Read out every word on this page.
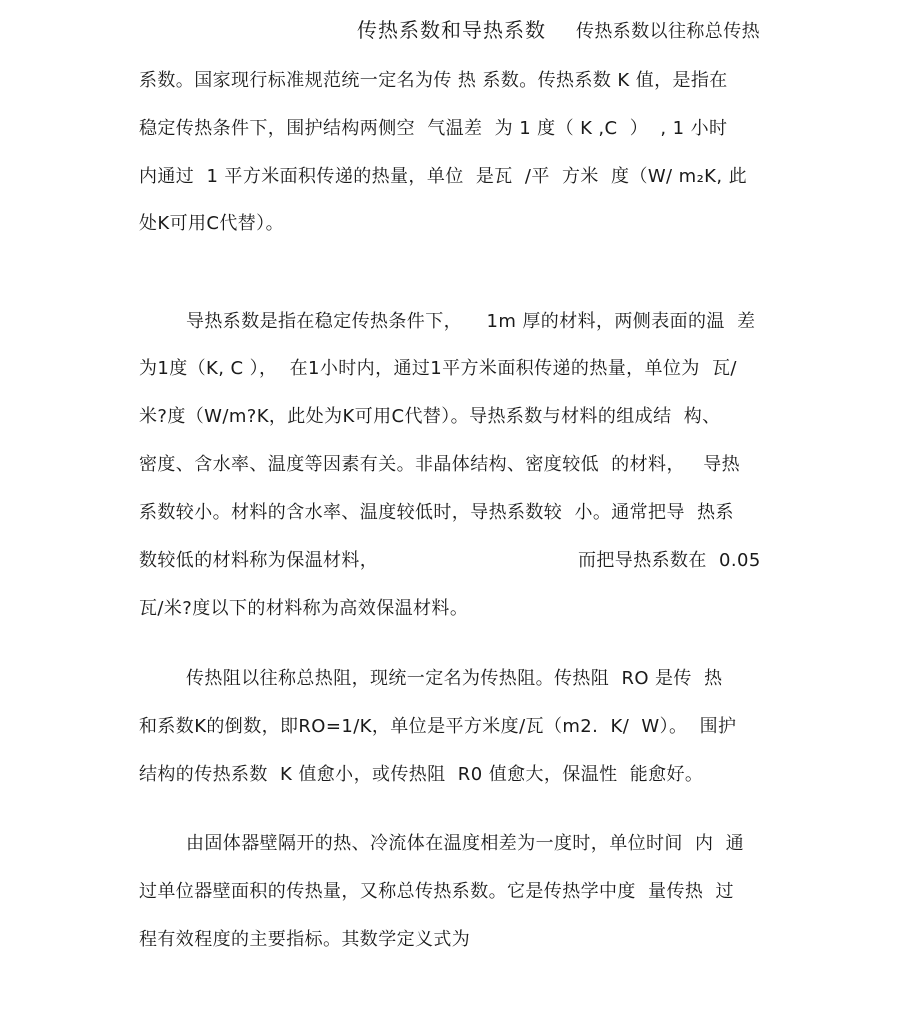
传热系数和导热系数 传热系数以往称总传热
系数。国家现行标准规范统一定名为传 热 系数。传热系数 K 值，是指在
稳定传热条件下，围护结构两侧空  气温差  为 1 度（ K ,C  ）  , 1 小时
内通过  1 平方米面积传递的热量，单位  是瓦  /平  方米  度（W/ m₂K, 此
处K可用C代替）。
导热系数是指在稳定传热条件下，    1m 厚的材料，两侧表面的温  差
为1度（K, C ），  在1小时内，通过1平方米面积传递的热量，单位为  瓦/
米?度（W/m?K，此处为K可用C代替）。导热系数与材料的组成结  构、
密度、含水率、温度等因素有关。非晶体结构、密度较低  的材料，   导热
系数较小。材料的含水率、温度较低时，导热系数较  小。通常把导  热系
数较低的材料称为保温材料，	而把导热系数在  0.05
瓦/米?度以下的材料称为高效保温材料。
传热阻以往称总热阻，现统一定名为传热阻。传热阻  RO 是传  热
和系数K的倒数，即RO=1/K，单位是平方米度/瓦（m2.  K/  W）。  围护
结构的传热系数  K 值愈小，或传热阻  R0 值愈大，保温性  能愈好。
由固体器壁隔开的热、冷流体在温度相差为一度时，单位时间  内  通
过单位器壁面积的传热量，又称总传热系数。它是传热学中度  量传热  过
程有效程度的主要指标。其数学定义式为
